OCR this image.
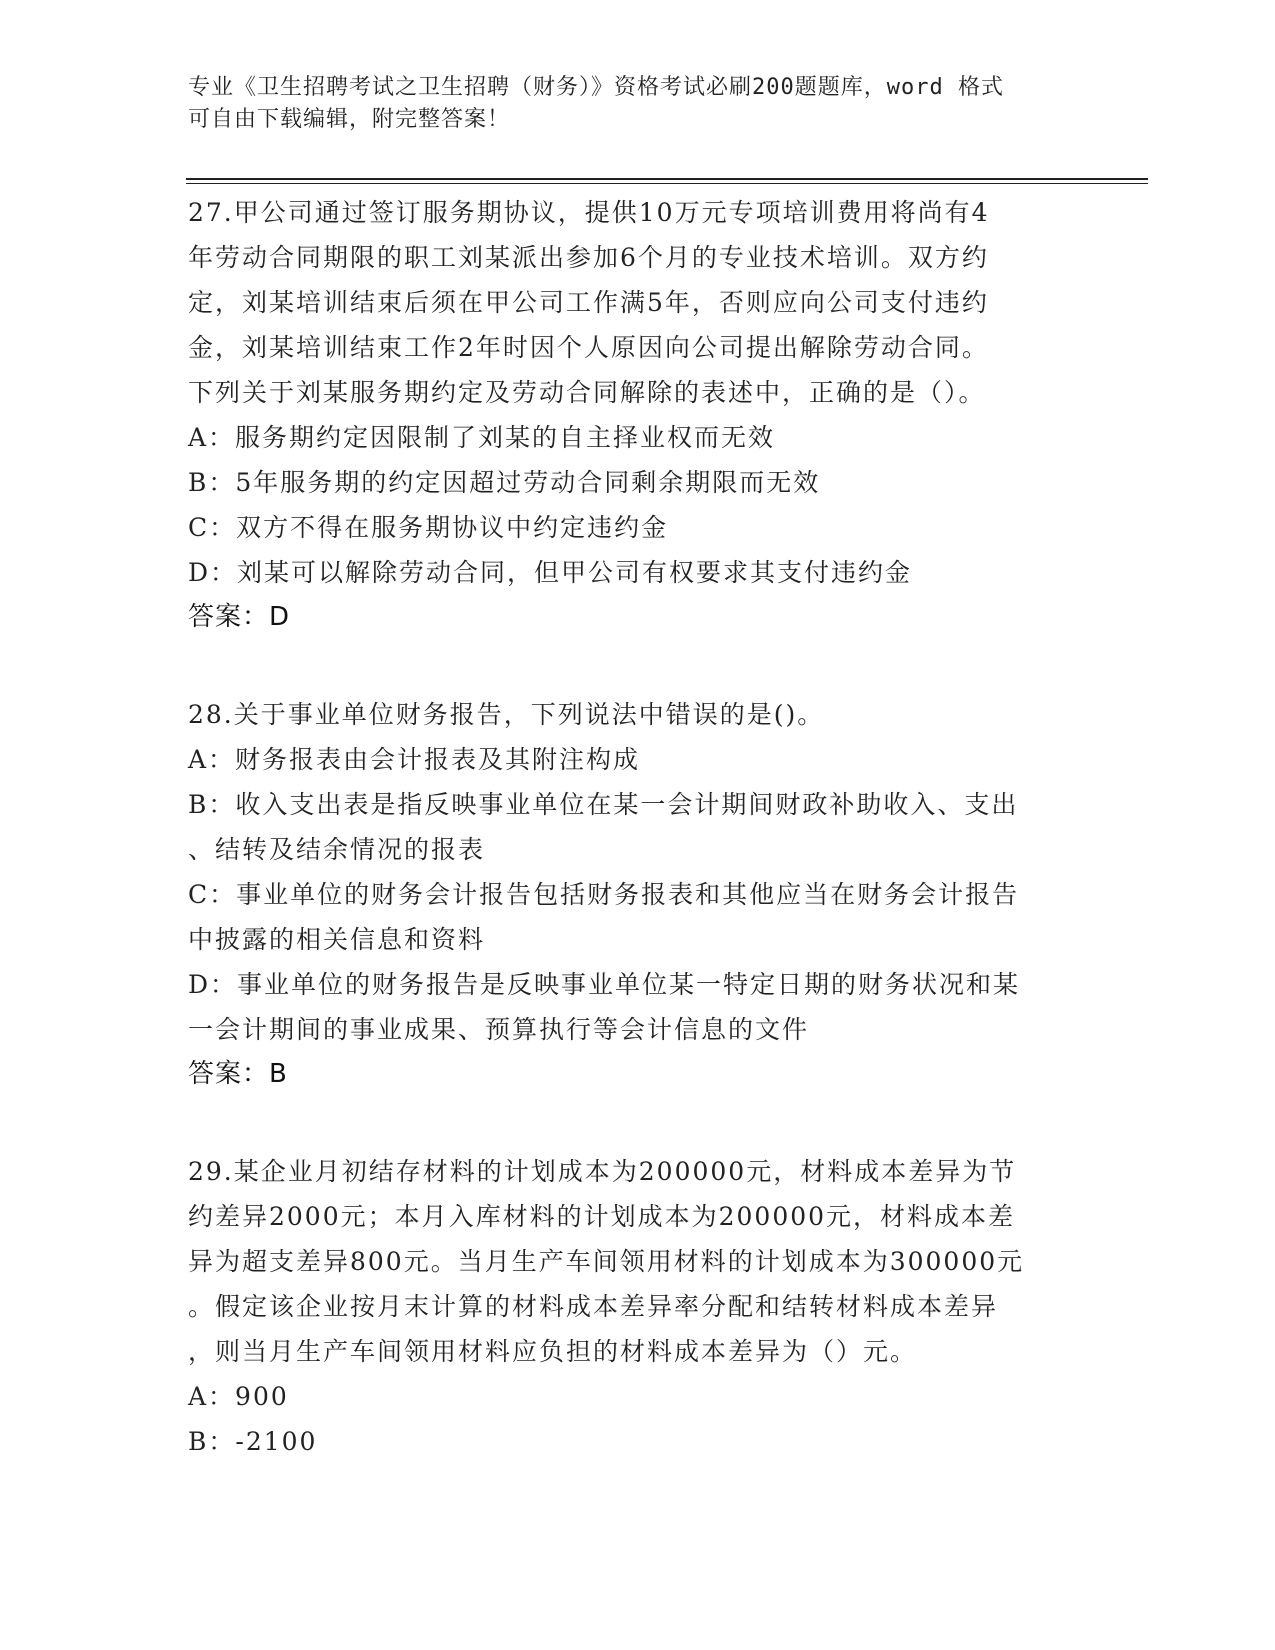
专业《卫生招聘考试之卫生招聘（财务）》资格考试必刷200题题库，word 格式
可自由下载编辑，附完整答案！
27.甲公司通过签订服务期协议，提供10万元专项培训费用将尚有4
年劳动合同期限的职工刘某派出参加6个月的专业技术培训。双方约
定，刘某培训结束后须在甲公司工作满5年，否则应向公司支付违约
金，刘某培训结束工作2年时因个人原因向公司提出解除劳动合同。
下列关于刘某服务期约定及劳动合同解除的表述中，正确的是（）。
A：服务期约定因限制了刘某的自主择业权而无效
B：5年服务期的约定因超过劳动合同剩余期限而无效
C：双方不得在服务期协议中约定违约金
D：刘某可以解除劳动合同，但甲公司有权要求其支付违约金
答案：D
28.关于事业单位财务报告，下列说法中错误的是()。
A：财务报表由会计报表及其附注构成
B：收入支出表是指反映事业单位在某一会计期间财政补助收入、支出
、结转及结余情况的报表
C：事业单位的财务会计报告包括财务报表和其他应当在财务会计报告
中披露的相关信息和资料
D：事业单位的财务报告是反映事业单位某一特定日期的财务状况和某
一会计期间的事业成果、预算执行等会计信息的文件
答案：B
29.某企业月初结存材料的计划成本为200000元，材料成本差异为节
约差异2000元；本月入库材料的计划成本为200000元，材料成本差
异为超支差异800元。当月生产车间领用材料的计划成本为300000元
。假定该企业按月末计算的材料成本差异率分配和结转材料成本差异
，则当月生产车间领用材料应负担的材料成本差异为（）元。
A：900
B：-2100
